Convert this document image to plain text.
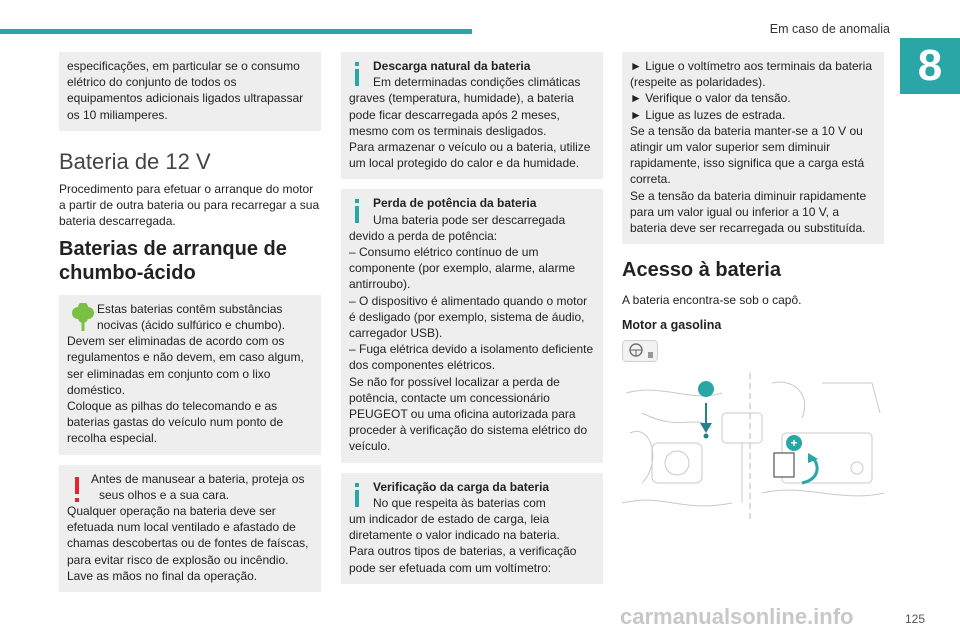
Em caso de anomalia
8

especificações, em particular se o consumo elétrico do conjunto de todos os equipamentos adicionais ligados ultrapassar os 10 miliamperes.

Bateria de 12 V

Procedimento para efetuar o arranque do motor a partir de outra bateria ou para recarregar a sua bateria descarregada.

Baterias de arranque de chumbo-ácido

Estas baterias contêm substâncias

nocivas (ácido sulfúrico e chumbo).

Devem ser eliminadas de acordo com os regulamentos e não devem, em caso algum, ser eliminadas em conjunto com o lixo doméstico.

Coloque as pilhas do telecomando e as baterias gastas do veículo num ponto de recolha especial.

Antes de manusear a bateria, proteja os

seus olhos e a sua cara.

Qualquer operação na bateria deve ser efetuada num local ventilado e afastado de chamas descobertas ou de fontes de faíscas, para evitar risco de explosão ou incêndio.

Lave as mãos no final da operação.

Descarga natural da bateria

Em determinadas condições climáticas

graves (temperatura, humidade), a bateria pode ficar descarregada após 2 meses, mesmo com os terminais desligados.

Para armazenar o veículo ou a bateria, utilize um local protegido do calor e da humidade.

Perda de potência da bateria

Uma bateria pode ser descarregada

devido a perda de potência:

– Consumo elétrico contínuo de um componente (por exemplo, alarme, alarme antirroubo).

– O dispositivo é alimentado quando o motor é desligado (por exemplo, sistema de áudio, carregador USB).

– Fuga elétrica devido a isolamento deficiente dos componentes elétricos.

Se não for possível localizar a perda de potência, contacte um concessionário PEUGEOT ou uma oficina autorizada para proceder à verificação do sistema elétrico do veículo.

Verificação da carga da bateria

No que respeita às baterias com

um indicador de estado de carga, leia diretamente o valor indicado na bateria.

Para outros tipos de baterias, a verificação pode ser efetuada com um voltímetro:

► Ligue o voltímetro aos terminais da bateria (respeite as polaridades).

► Verifique o valor da tensão.

► Ligue as luzes de estrada.

Se a tensão da bateria manter-se a 10 V ou atingir um valor superior sem diminuir rapidamente, isso significa que a carga está correta.

Se a tensão da bateria diminuir rapidamente para um valor igual ou inferior a 10 V, a bateria deve ser recarregada ou substituída.

Acesso à bateria

A bateria encontra-se sob o capô.

Motor a gasolina
−
+
carmanualsonline.info	125
